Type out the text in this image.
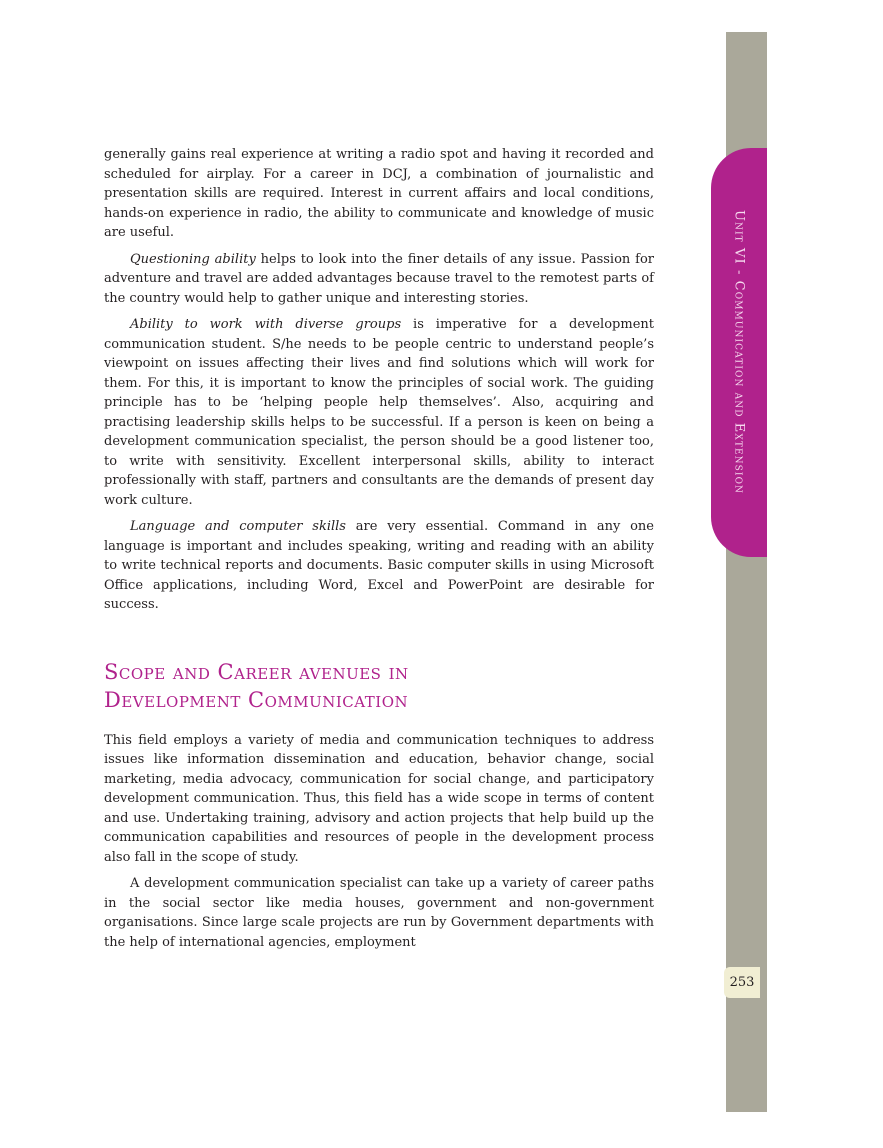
Unit VI - Communication and Extension
253

generally gains real experience at writing a radio spot and having it recorded and scheduled for airplay. For a career in DCJ, a combination of journalistic and presentation skills are required. Interest in current affairs and local conditions, hands-on experience in radio, the ability to communicate and knowledge of music are useful.

Questioning ability helps to look into the finer details of any issue. Passion for adventure and travel are added advantages because travel to the remotest parts of the country would help to gather unique and interesting stories.

Ability to work with diverse groups is imperative for a development communication student. S/he needs to be people centric to understand people’s viewpoint on issues affecting their lives and find solutions which will work for them. For this, it is important to know the principles of social work. The guiding principle has to be ‘helping people help themselves’. Also, acquiring and practising leadership skills helps to be successful. If a person is keen on being a development communication specialist, the person should be a good listener too, to write with sensitivity. Excellent interpersonal skills, ability to interact professionally with staff, partners and consultants are the demands of present day work culture.

Language and computer skills are very essential. Command in any one language is important and includes speaking, writing and reading with an ability to write technical reports and documents. Basic computer skills in using Microsoft Office applications, including Word, Excel and PowerPoint are desirable for success.

Scope and Career avenues in
Development Communication

This field employs a variety of media and communication techniques to address issues like information dissemination and education, behavior change, social marketing, media advocacy, communication for social change, and participatory development communication. Thus, this field has a wide scope in terms of content and use. Undertaking training, advisory and action projects that help build up the communication capabilities and resources of people in the development process also fall in the scope of study.

A development communication specialist can take up a variety of career paths in the social sector like media houses, government and non-government organisations. Since large scale projects are run by Government departments with the help of international agencies, employment
